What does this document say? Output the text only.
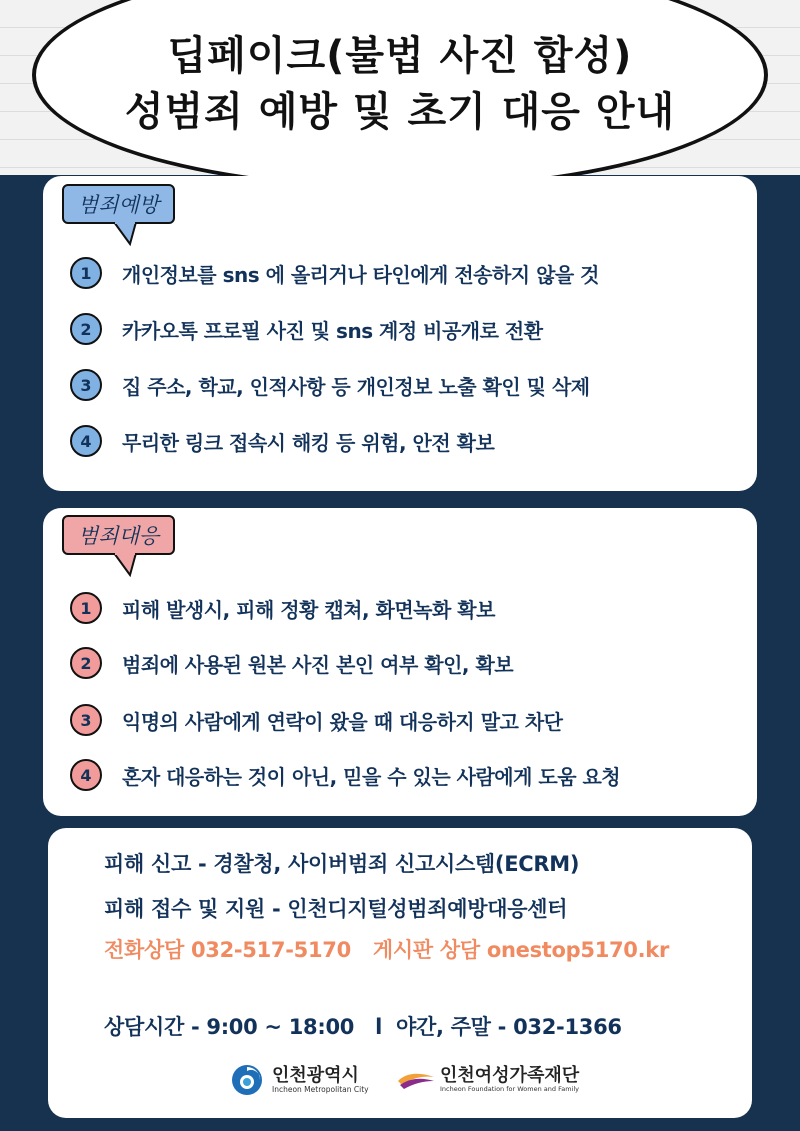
딥페이크(불법 사진 합성)
성범죄 예방 및 초기 대응 안내
범죄예방
1	개인정보를 sns 에 올리거나 타인에게 전송하지 않을 것
2	카카오톡 프로필 사진 및 sns 계정 비공개로 전환
3	집 주소, 학교, 인적사항 등 개인정보 노출 확인 및 삭제
4	무리한 링크 접속시 해킹 등 위험, 안전 확보
범죄대응
1	피해 발생시, 피해 정황 캡쳐, 화면녹화 확보
2	범죄에 사용된 원본 사진 본인 여부 확인, 확보
3	익명의 사람에게 연락이 왔을 때 대응하지 말고 차단
4	혼자 대응하는 것이 아닌, 믿을 수 있는 사람에게 도움 요청
피해 신고 - 경찰청, 사이버범죄 신고시스템(ECRM)
피해 접수 및 지원 - 인천디지털성범죄예방대응센터
전화상담 032-517-5170 게시판 상담 onestop5170.kr
상담시간 - 9:00 ~ 18:00   l  야간, 주말 - 032-1366
인천광역시
Incheon Metropolitan City
인천여성가족재단
Incheon Foundation for Women and Family
